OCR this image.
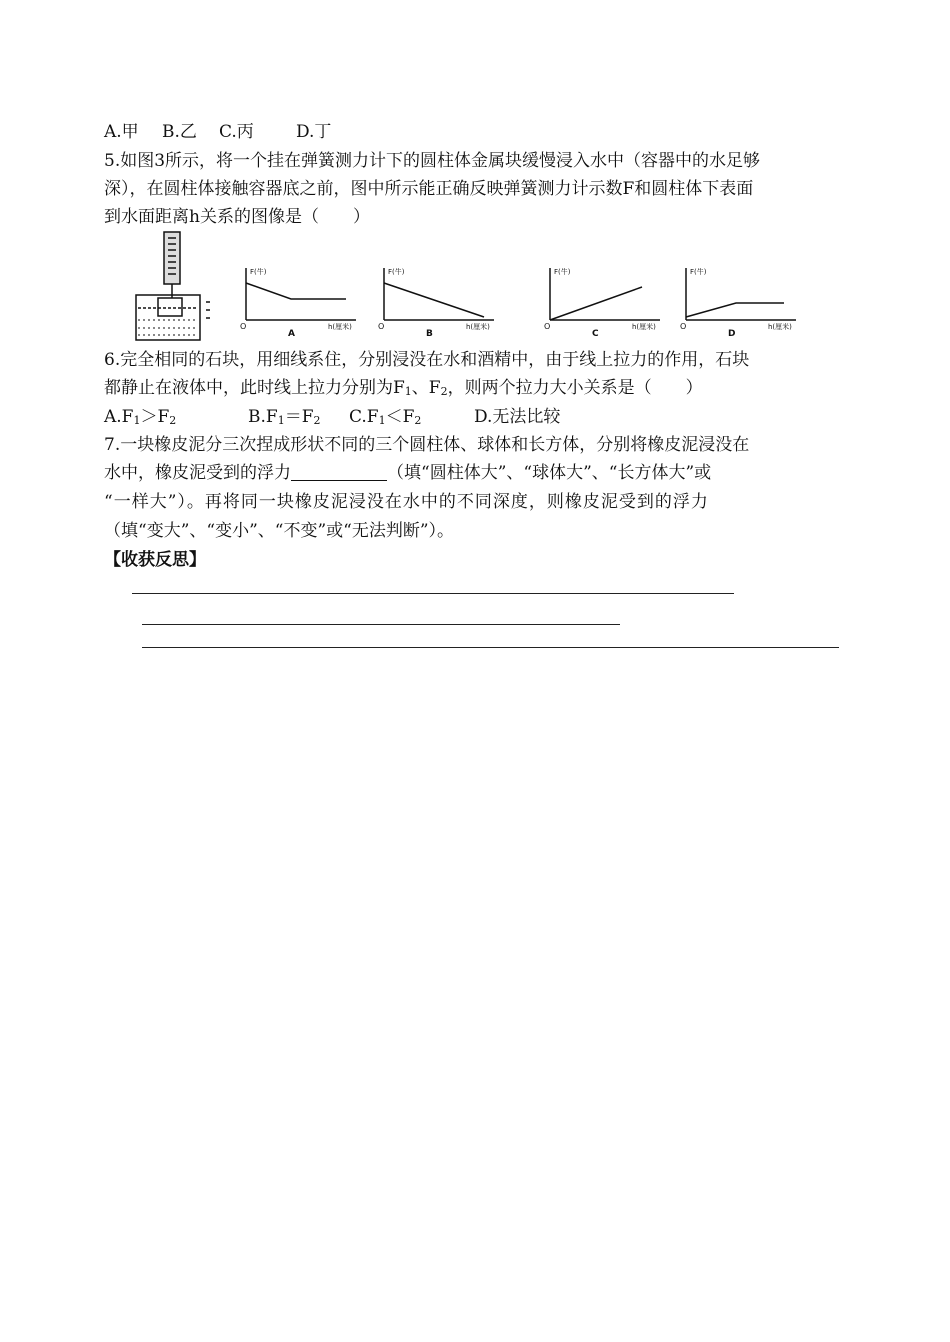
A.甲 B.乙 C.丙 D.丁
5.如图3所示，将一个挂在弹簧测力计下的圆柱体金属块缓慢浸入水中（容器中的水足够
深），在圆柱体接触容器底之前，图中所示能正确反映弹簧测力计示数F和圆柱体下表面
到水面距离h关系的图像是（　　）
F(牛)
h(厘米)
O
A
F(牛)
h(厘米)
O
B
F(牛)
h(厘米)
O
C
F(牛)
h(厘米)
O
D
6.完全相同的石块，用细线系住，分别浸没在水和酒精中，由于线上拉力的作用，石块
都静止在液体中，此时线上拉力分别为$F_1$、$F_2$，则两个拉力大小关系是（　　）
$A.F_1>F_2$	$B.F_1=F_2$ $C.F_1<F_2$	D.无法比较
7.一块橡皮泥分三次捏成形状不同的三个圆柱体、球体和长方体，分别将橡皮泥浸没在
水中，橡皮泥受到的浮力	（填“圆柱体大”、“球体大”、“长方体大”或
“一样大”）。再将同一块橡皮泥浸没在水中的不同深度，则橡皮泥受到的浮力
（填“变大”、“变小”、“不变”或“无法判断”）。
【收获反思】
